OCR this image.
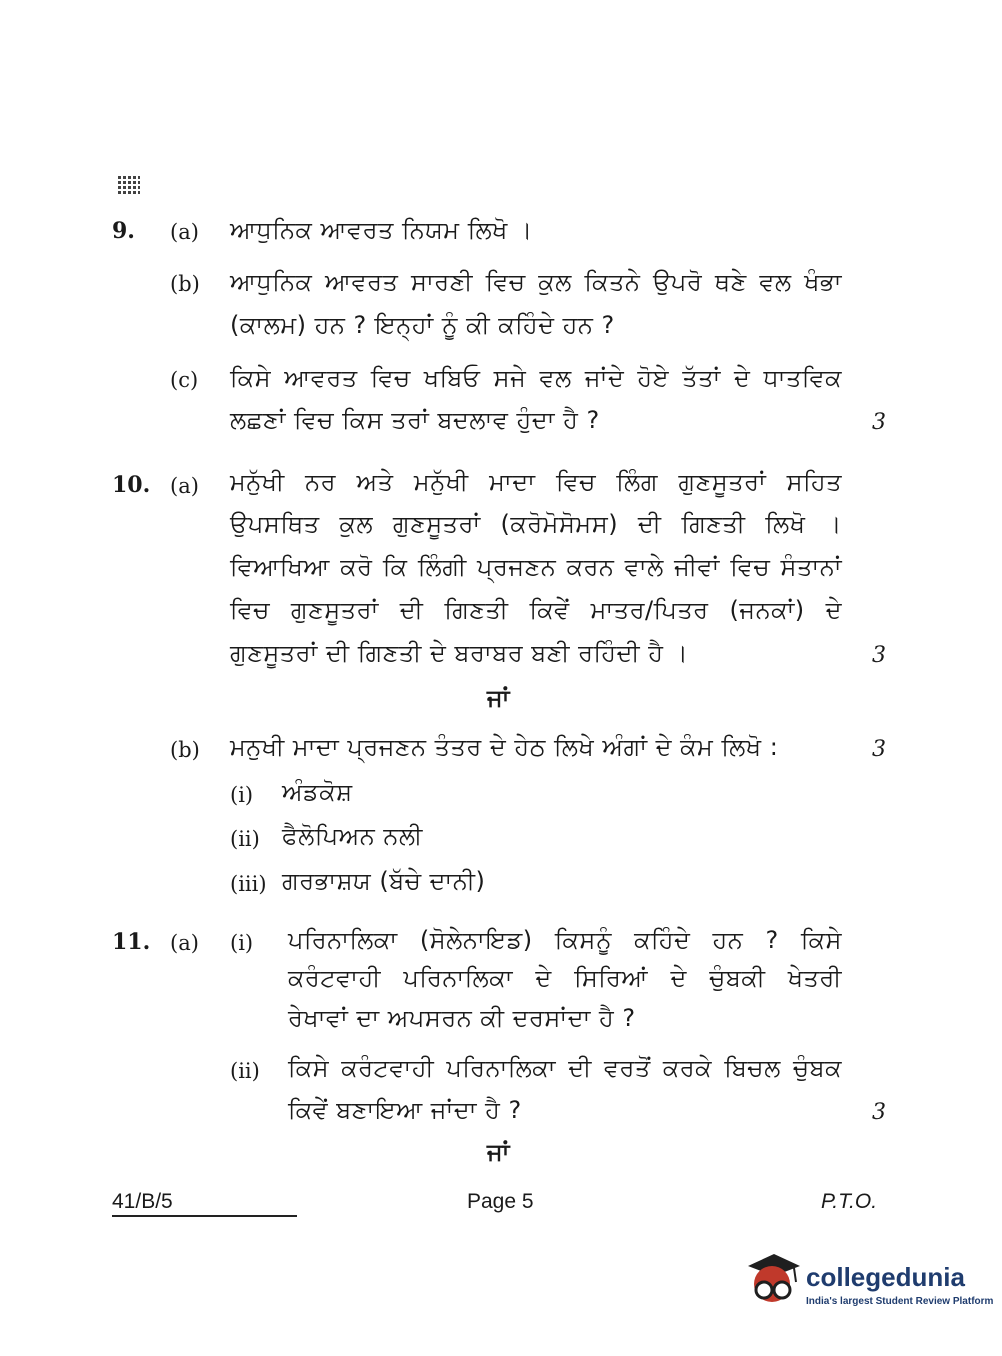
9. (a) ਆਧੁਨਿਕ ਆਵਰਤ ਨਿਯਮ ਲਿਖੋ ।
(b) ਆਧੁਨਿਕ ਆਵਰਤ ਸਾਰਣੀ ਵਿਚ ਕੁਲ ਕਿਤਨੇ ਉਪਰੋ ਥਣੇ ਵਲ ਖੰਭਾ
(ਕਾਲਮ) ਹਨ ? ਇਨ੍ਹਾਂ ਨੂੰ ਕੀ ਕਹਿੰਦੇ ਹਨ ?
(c) ਕਿਸੇ ਆਵਰਤ ਵਿਚ ਖਬਿਓ ਸਜੇ ਵਲ ਜਾਂਦੇ ਹੋਏ ਤੱਤਾਂ ਦੇ ਧਾਤਵਿਕ
ਲਛਣਾਂ ਵਿਚ ਕਿਸ ਤਰਾਂ ਬਦਲਾਵ ਹੁੰਦਾ ਹੈ ?	3
10. (a) ਮਨੁੱਖੀ ਨਰ ਅਤੇ ਮਨੁੱਖੀ ਮਾਦਾ ਵਿਚ ਲਿੰਗ ਗੁਣਸੂਤਰਾਂ ਸਹਿਤ
ਉਪਸਥਿਤ ਕੁਲ ਗੁਣਸੂਤਰਾਂ (ਕਰੋਮੋਸੋਮਸ) ਦੀ ਗਿਣਤੀ ਲਿਖੋ ।
ਵਿਆਖਿਆ ਕਰੋ ਕਿ ਲਿੰਗੀ ਪ੍ਰਜਣਨ ਕਰਨ ਵਾਲੇ ਜੀਵਾਂ ਵਿਚ ਸੰਤਾਨਾਂ
ਵਿਚ ਗੁਣਸੂਤਰਾਂ ਦੀ ਗਿਣਤੀ ਕਿਵੇਂ ਮਾਤਰ/ਪਿਤਰ (ਜਨਕਾਂ) ਦੇ
ਗੁਣਸੂਤਰਾਂ ਦੀ ਗਿਣਤੀ ਦੇ ਬਰਾਬਰ ਬਣੀ ਰਹਿੰਦੀ ਹੈ ।	3
ਜਾਂ
(b) ਮਨੁਖੀ ਮਾਦਾ ਪ੍ਰਜਣਨ ਤੰਤਰ ਦੇ ਹੇਠ ਲਿਖੇ ਅੰਗਾਂ ਦੇ ਕੰਮ ਲਿਖੋ :	3
(i) ਅੰਡਕੋਸ਼
(ii) ਫੈਲੋਪਿਅਨ ਨਲੀ
(iii) ਗਰਭਾਸ਼ਯ (ਬੱਚੇ ਦਾਨੀ)
11. (a) (i) ਪਰਿਨਾਲਿਕਾ (ਸੋਲੇਨਾਇਡ) ਕਿਸਨੂੰ ਕਹਿੰਦੇ ਹਨ ? ਕਿਸੇ
ਕਰੰਟਵਾਹੀ ਪਰਿਨਾਲਿਕਾ ਦੇ ਸਿਰਿਆਂ ਦੇ ਚੁੰਬਕੀ ਖੇਤਰੀ
ਰੇਖਾਵਾਂ ਦਾ ਅਪਸਰਨ ਕੀ ਦਰਸਾਂਦਾ ਹੈ ?
(ii) ਕਿਸੇ ਕਰੰਟਵਾਹੀ ਪਰਿਨਾਲਿਕਾ ਦੀ ਵਰਤੋਂ ਕਰਕੇ ਬਿਚਲ ਚੁੰਬਕ
ਕਿਵੇਂ ਬਣਾਇਆ ਜਾਂਦਾ ਹੈ ?	3
ਜਾਂ
41/B/5	Page 5	P.T.O.
collegedunia
India's largest Student Review Platform
